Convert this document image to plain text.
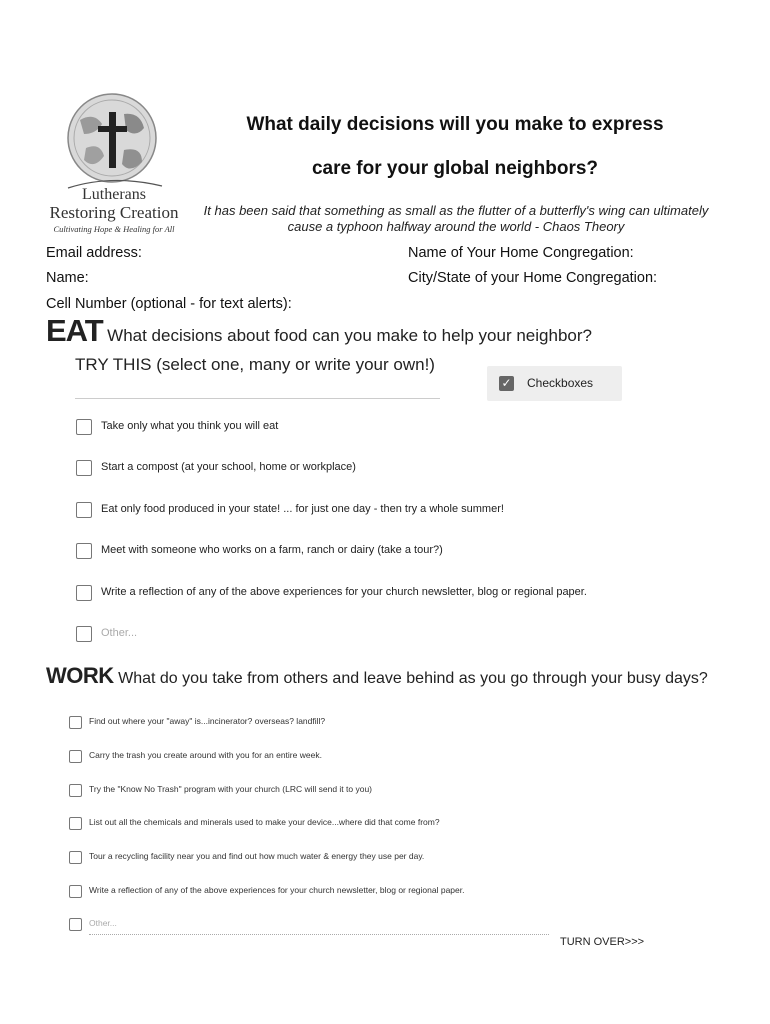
Lutherans
Restoring Creation
Cultivating Hope & Healing for All
What daily decisions will you make to express
care for your global neighbors?
It has been said that something as small as the flutter of a butterfly's wing can ultimately
cause a typhoon halfway around the world - Chaos Theory
Email address:	Name of Your Home Congregation:
Name:	City/State of your Home Congregation:
Cell Number (optional - for text alerts):
EAT What decisions about food can you make to help your neighbor?
TRY THIS (select one, many or write your own!)
✓ Checkboxes
Take only what you think you will eat
Start a compost (at your school, home or workplace)
Eat only food produced in your state! ... for just one day - then try a whole summer!
Meet with someone who works on a farm, ranch or dairy (take a tour?)
Write a reflection of any of the above experiences for your church newsletter, blog or regional paper.
Other...
WORK What do you take from others and leave behind as you go through your busy days?
Find out where your "away" is...incinerator? overseas? landfill?
Carry the trash you create around with you for an entire week.
Try the "Know No Trash" program with your church (LRC will send it to you)
List out all the chemicals and minerals used to make your device...where did that come from?
Tour a recycling facility near you and find out how much water & energy they use per day.
Write a reflection of any of the above experiences for your church newsletter, blog or regional paper.
Other...
TURN OVER>>>
